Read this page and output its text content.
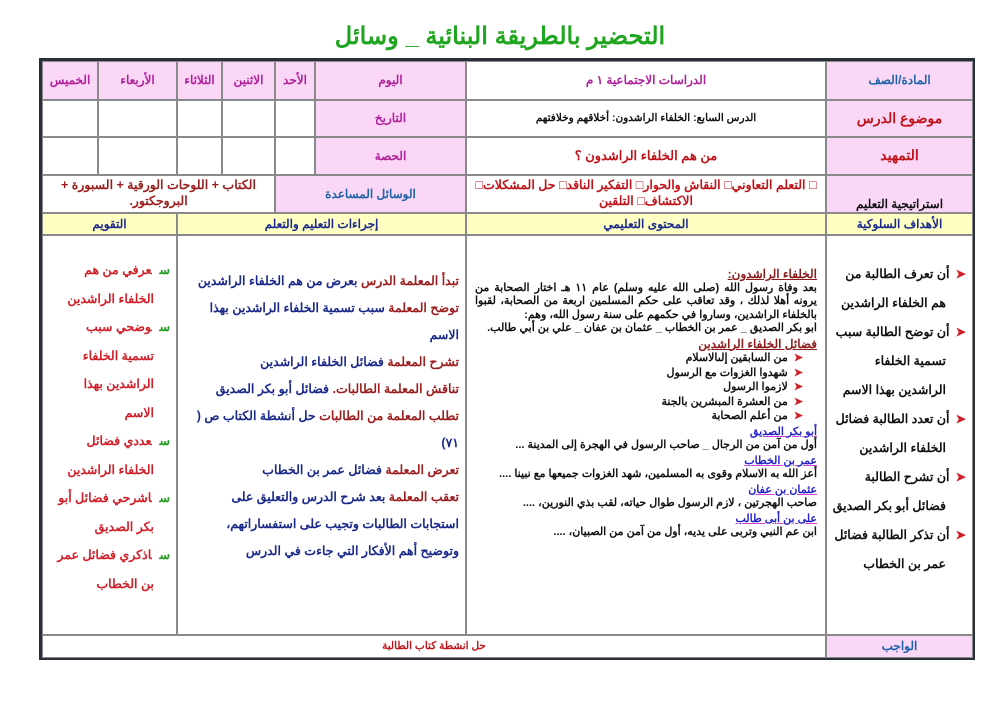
التحضير بالطريقة البنائية _ وسائل
المادة/الصف
الدراسات الاجتماعية ١ م
موضوع الدرس
الدرس السابع: الخلفاء الراشدون: أخلاقهم وخلافتهم
التمهيد
من هم الخلفاء الراشدون ؟
اليوم
التاريخ
الحصة
الأحد
الاثنين
الثلاثاء
الأربعاء
الخميس
استراتيجية التعليم
□ التعلم التعاوني□ النقاش والحوار□ التفكير الناقد□ حل المشكلات□ الاكتشاف□ التلقين
الوسائل المساعدة
الكتاب + اللوحات الورقية + السبورة + البروجكتور.
الأهداف السلوكية
المحتوى التعليمي
إجراءات التعليم والتعلم
التقويم
➤أن تعرف الطالبة من
هم الخلفاء الراشدين
➤أن توضح الطالبة سبب
تسمية الخلفاء
الراشدين بهذا الاسم
➤أن تعدد الطالبة فضائل
الخلفاء الراشدين
➤أن تشرح الطالبة
فضائل أبو بكر الصديق
➤أن تذكر الطالبة فضائل
عمر بن الخطاب
الخلفاء الراشدون:
بعد وفاة رسول الله (صلى الله عليه وسلم) عام ١١ هـ اختار الصحابة من يرونه أهلا لذلك ، وقد تعاقب على حكم المسلمين اربعة من الصحابة، لقبوا بالخلفاء الراشدين، وساروا في حكمهم على سنة رسول الله، وهم:
ابو بكر الصديق _ عمر بن الخطاب _ عثمان بن عفان _ علي بن أبي طالب.
فضائل الخلفاء الراشدين
➤من السابقين إلىالاسلام
➤شهدوا الغزوات مع الرسول
➤لازموا الرسول
➤من العشرة المبشرين بالجنة
➤من أعلم الصحابة
أبو بكر الصديق
أول من آمن من الرجال _ صاحب الرسول في الهجرة إلى المدينة ...
عمر بن الخطاب
أعز الله به الاسلام وقوى به المسلمين، شهد الغزوات جميعها مع نبينا ....
عثمان بن عفان
صاحب الهجرتين ، لازم الرسول طوال حياته، لقب بذي النورين، ....
على بن أبى طالب
ابن عم النبي وتربى على يديه، أول من آمن من الصبيان، ....
تبدأ المعلمة الدرس بعرض من هم الخلفاء الراشدين
توضح المعلمة سبب تسمية الخلفاء الراشدين بهذا
الاسم
تشرح المعلمة فضائل الخلفاء الراشدين
تناقش المعلمة الطالبات. فضائل أبو بكر الصديق
تطلب المعلمة من الطالبات حل أنشطة الكتاب ص (
٧١)
تعرض المعلمة فضائل عمر بن الخطاب
تعقب المعلمة بعد شرح الدرس والتعليق على
استجابات الطالبات وتجيب على استفساراتهم،
وتوضيح أهم الأفكار التي جاءت في الدرس
سعرفي من هم
الخلفاء الراشدين
سوضحي سبب
تسمية الخلفاء
الراشدين بهذا
الاسم
سعددي فضائل
الخلفاء الراشدين
ساشرحي فضائل أبو
بكر الصديق
ساذكري فضائل عمر
بن الخطاب
الواجب
حل انشطة كتاب الطالبة
